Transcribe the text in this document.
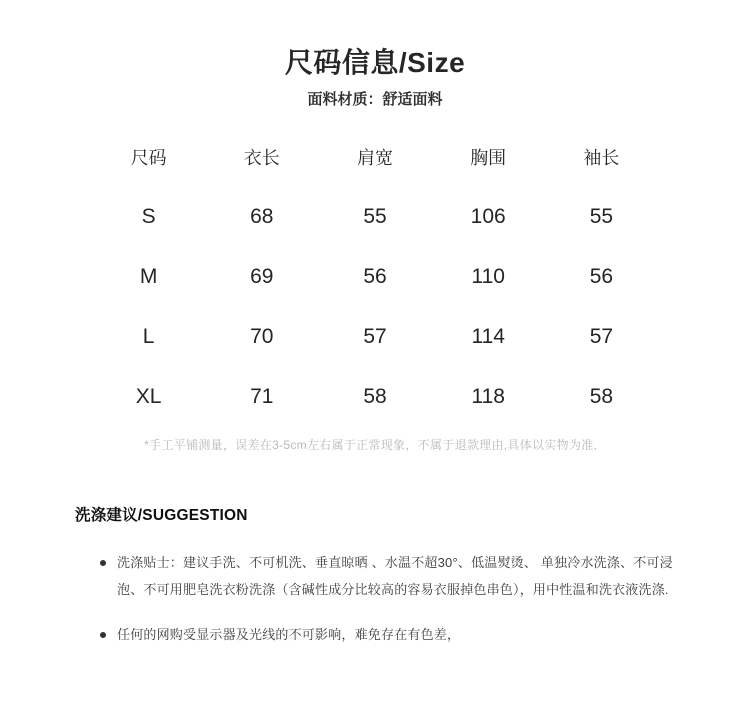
尺码信息/Size
面料材质：舒适面料
尺码	衣长	肩宽	胸围	袖长
S	68	55	106	55
M	69	56	110	56
L	70	57	114	57
XL	71	58	118	58
*手工平铺测量，误差在3-5cm左右属于正常现象，不属于退款理由,具体以实物为准．
洗涤建议/SUGGESTION
洗涤贴士：建议手洗、不可机洗、垂直晾晒 、水温不超30°、低温熨烫、 单独冷水洗涤、不可浸泡、不可用肥皂洗衣粉洗涤（含碱性成分比较高的容易衣服掉色串色），用中性温和洗衣液洗涤.
任何的网购受显示器及光线的不可影响，难免存在有色差，
